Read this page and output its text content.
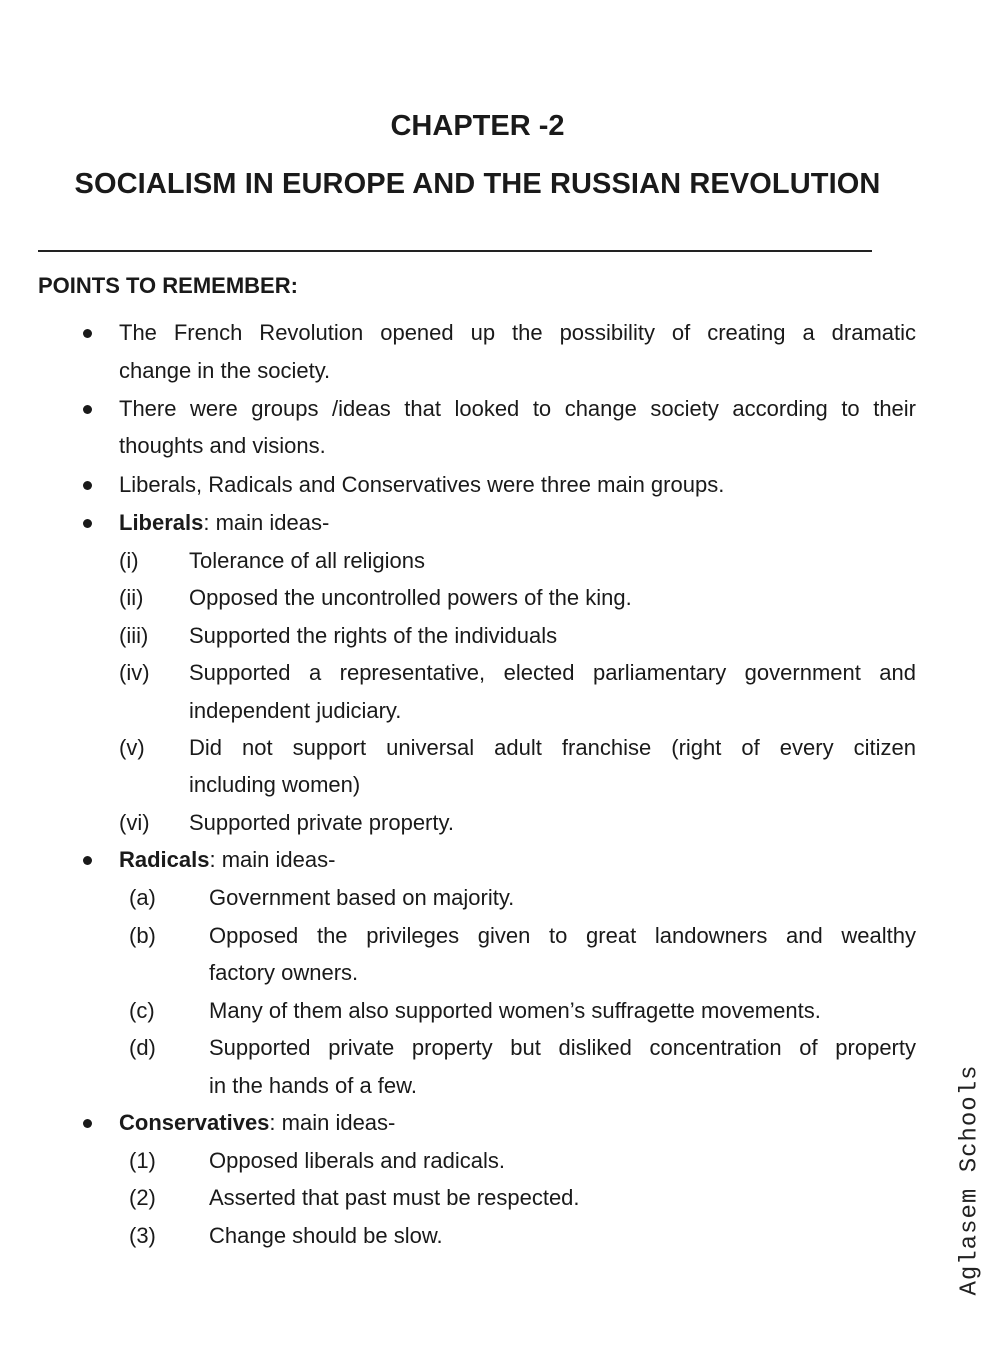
CHAPTER -2
SOCIALISM IN EUROPE AND THE RUSSIAN REVOLUTION
POINTS TO REMEMBER:
The French Revolution opened up the possibility of creating a dramatic
change in the society.
There were groups /ideas that looked to change society according to their
thoughts and visions.
Liberals, Radicals and Conservatives were three main groups.
Liberals: main ideas-
(i) Tolerance of all religions
(ii) Opposed the uncontrolled powers of the king.
(iii) Supported the rights of the individuals
(iv) Supported a representative, elected parliamentary government and
independent judiciary.
(v) Did not support universal adult franchise (right of every citizen
including women)
(vi) Supported private property.
Radicals: main ideas-
(a) Government based on majority.
(b) Opposed the privileges given to great landowners and wealthy
factory owners.
(c) Many of them also supported women’s suffragette movements.
(d) Supported private property but disliked concentration of property
in the hands of a few.
Conservatives: main ideas-
(1) Opposed liberals and radicals.
(2) Asserted that past must be respected.
(3) Change should be slow.	Aglasem Schools
